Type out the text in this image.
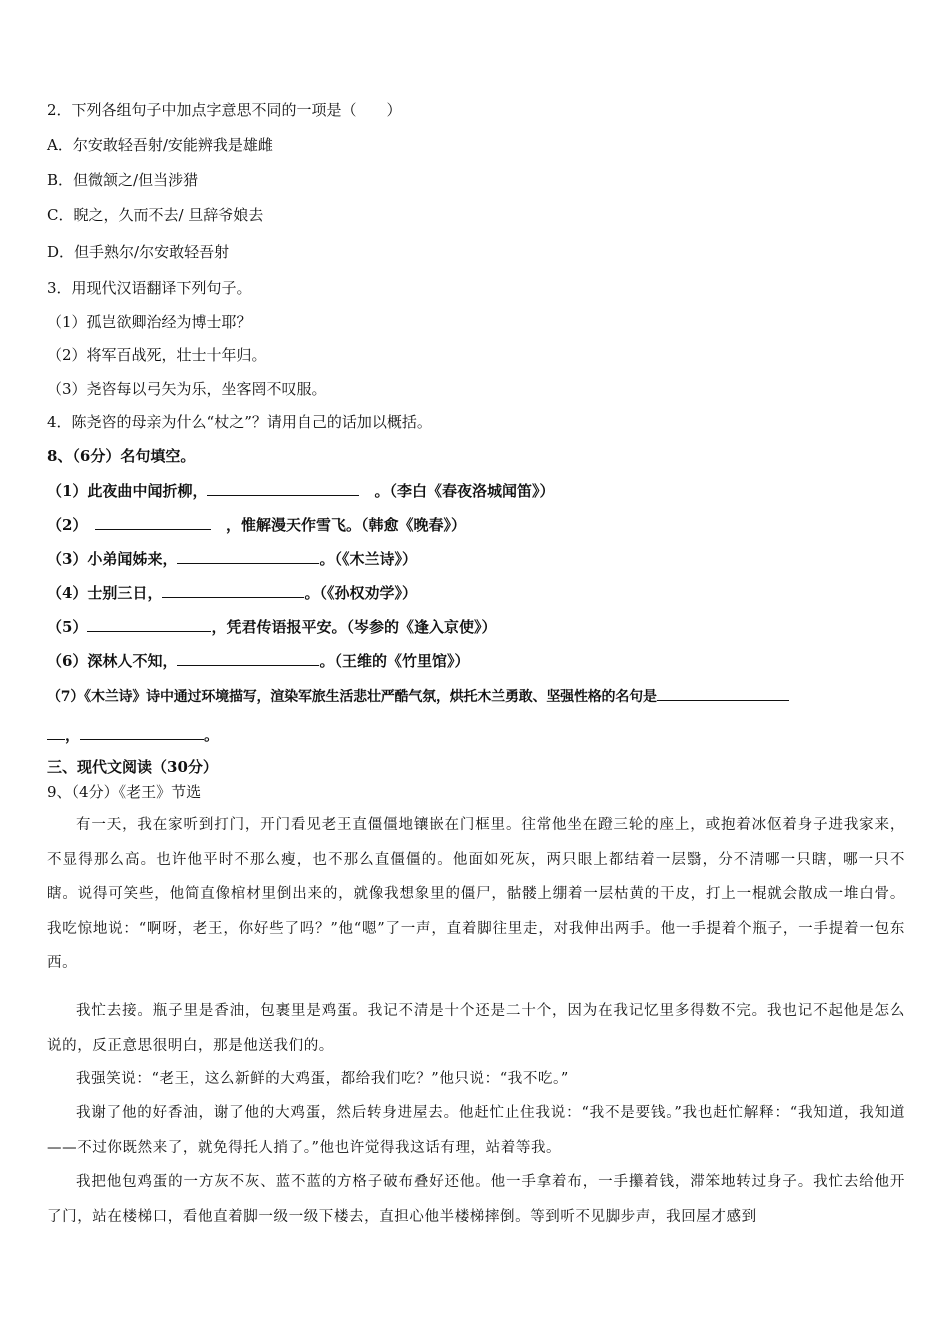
2．下列各组句子中加点字意思不同的一项是（　　）
A．尔安敢轻吾射/安能辨我是雄雌
B．但微颔之/但当涉猎
C．睨之，久而不去/ 旦辞爷娘去
D．但手熟尔/尔安敢轻吾射
3．用现代汉语翻译下列句子。
（1）孤岂欲卿治经为博士耶？
（2）将军百战死，壮士十年归。
（3）尧咨每以弓矢为乐，坐客罔不叹服。
4．陈尧咨的母亲为什么“杖之”？请用自己的话加以概括。
8、（6分）名句填空。
（1）此夜曲中闻折柳，	　。（李白《春夜洛城闻笛》）
（2）　	　，惟解漫天作雪飞。（韩愈《晚春》）
（3）小弟闻姊来，	。（《木兰诗》）
（4）士别三日，	。（《孙权劝学》）
（5）	，凭君传语报平安。（岑参的《逢入京使》）
（6）深林人不知，	。（王维的《竹里馆》）
（7）《木兰诗》诗中通过环境描写，渲染军旅生活悲壮严酷气氛，烘托木兰勇敢、坚强性格的名句是
，	。
三、现代文阅读（30分）
9、（4分）《老王》节选
有一天，我在家听到打门，开门看见老王直僵僵地镶嵌在门框里。往常他坐在蹬三轮的座上，或抱着冰伛着身子进我家来，不显得那么高。也许他平时不那么瘦，也不那么直僵僵的。他面如死灰，两只眼上都结着一层翳，分不清哪一只瞎，哪一只不瞎。说得可笑些，他简直像棺材里倒出来的，就像我想象里的僵尸，骷髅上绷着一层枯黄的干皮，打上一棍就会散成一堆白骨。我吃惊地说：“啊呀，老王，你好些了吗？”他“嗯”了一声，直着脚往里走，对我伸出两手。他一手提着个瓶子，一手提着一包东西。
我忙去接。瓶子里是香油，包裹里是鸡蛋。我记不清是十个还是二十个，因为在我记忆里多得数不完。我也记不起他是怎么说的，反正意思很明白，那是他送我们的。
我强笑说：“老王，这么新鲜的大鸡蛋，都给我们吃？”他只说：“我不吃。”
我谢了他的好香油，谢了他的大鸡蛋，然后转身进屋去。他赶忙止住我说：“我不是要钱。”我也赶忙解释：“我知道，我知道——不过你既然来了，就免得托人捎了。”他也许觉得我这话有理，站着等我。
我把他包鸡蛋的一方灰不灰、蓝不蓝的方格子破布叠好还他。他一手拿着布，一手攥着钱，滞笨地转过身子。我忙去给他开了门，站在楼梯口，看他直着脚一级一级下楼去，直担心他半楼梯摔倒。等到听不见脚步声，我回屋才感到
